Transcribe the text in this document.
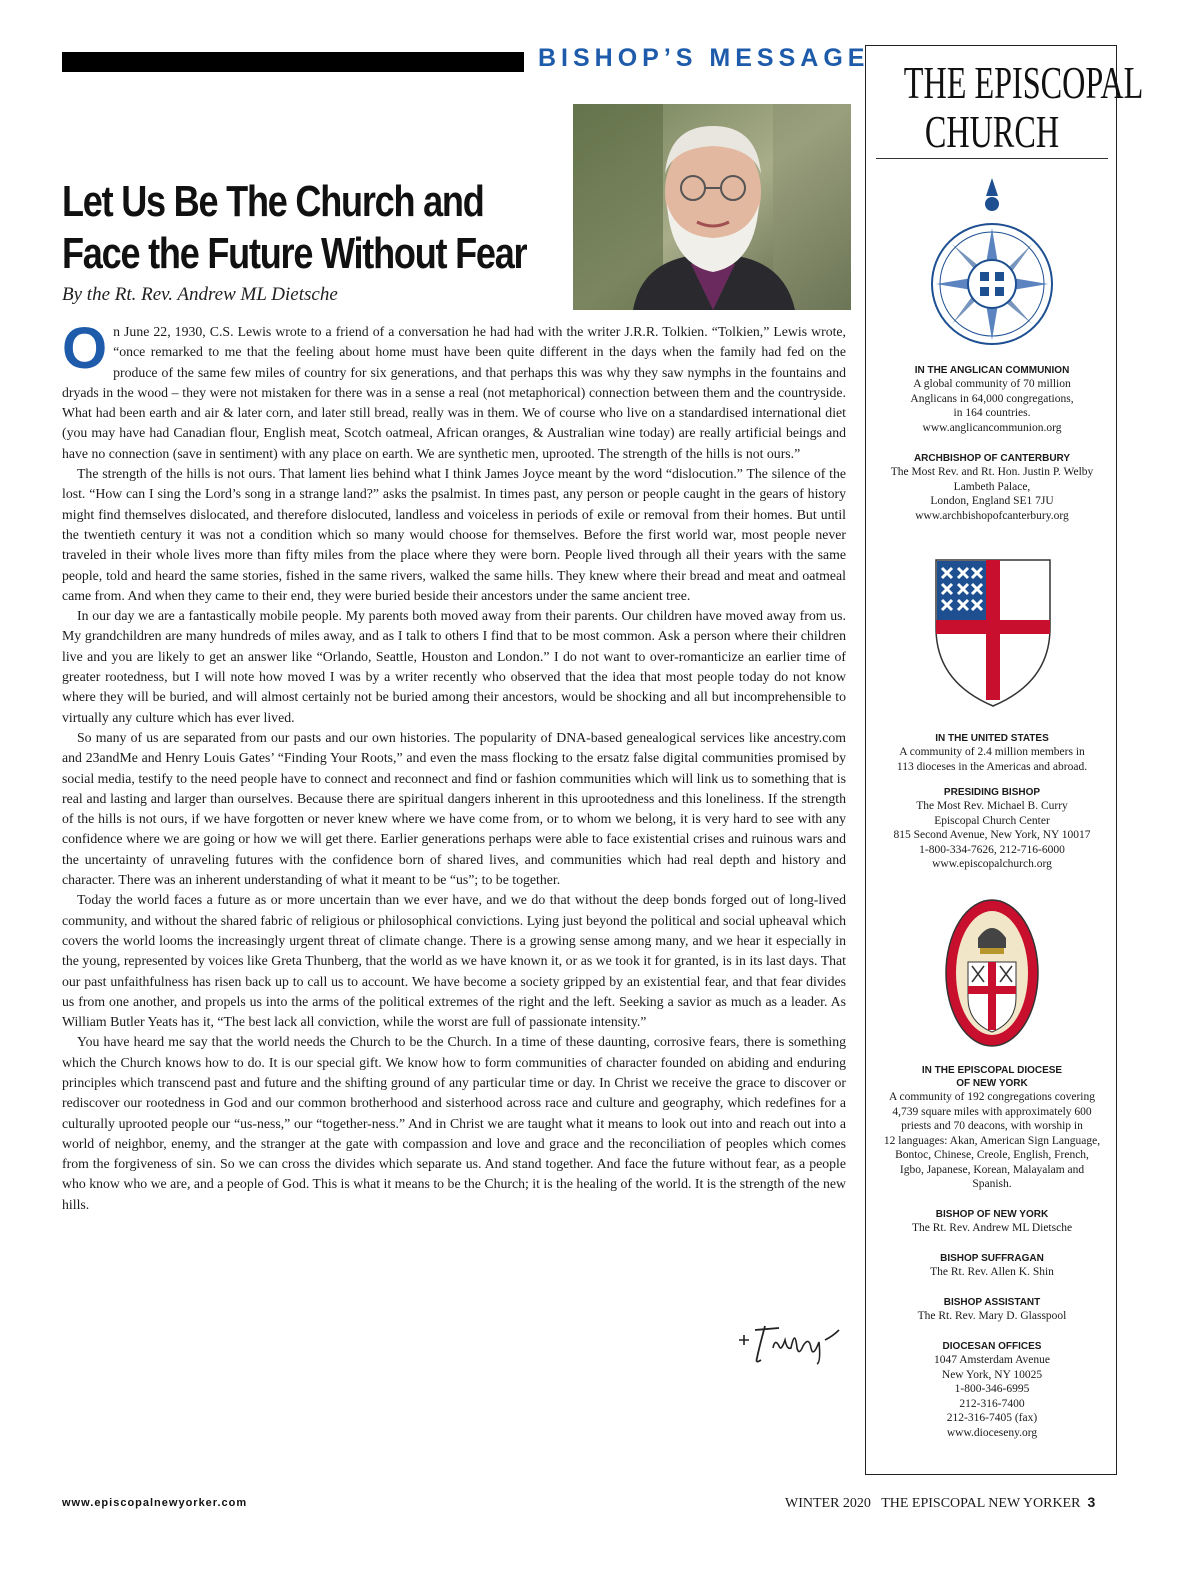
BISHOP’S MESSAGE
Let Us Be The Church and
Face the Future Without Fear
By the Rt. Rev. Andrew ML Dietsche

On June 22, 1930, C.S. Lewis wrote to a friend of a conversation he had had with the writer J.R.R. Tolkien. “Tolkien,” Lewis wrote, “once remarked to me that the feeling about home must have been quite different in the days when the family had fed on the produce of the same few miles of country for six generations, and that perhaps this was why they saw nymphs in the fountains and dryads in the wood – they were not mistaken for there was in a sense a real (not metaphorical) connection between them and the countryside. What had been earth and air & later corn, and later still bread, really was in them. We of course who live on a standardised international diet (you may have had Canadian flour, English meat, Scotch oatmeal, African oranges, & Australian wine today) are really artificial beings and have no connection (save in sentiment) with any place on earth. We are synthetic men, uprooted. The strength of the hills is not ours.”

The strength of the hills is not ours. That lament lies behind what I think James Joyce meant by the word “dislocution.” The silence of the lost. “How can I sing the Lord’s song in a strange land?” asks the psalmist. In times past, any person or people caught in the gears of history might find themselves dislocated, and therefore dislocuted, landless and voiceless in periods of exile or removal from their homes. But until the twentieth century it was not a condition which so many would choose for themselves. Before the first world war, most people never traveled in their whole lives more than fifty miles from the place where they were born. People lived through all their years with the same people, told and heard the same stories, fished in the same rivers, walked the same hills. They knew where their bread and meat and oatmeal came from. And when they came to their end, they were buried beside their ancestors under the same ancient tree.

In our day we are a fantastically mobile people. My parents both moved away from their parents. Our children have moved away from us. My grandchildren are many hundreds of miles away, and as I talk to others I find that to be most common. Ask a person where their children live and you are likely to get an answer like “Orlando, Seattle, Houston and London.” I do not want to over-romanticize an earlier time of greater rootedness, but I will note how moved I was by a writer recently who observed that the idea that most people today do not know where they will be buried, and will almost certainly not be buried among their ancestors, would be shocking and all but incomprehensible to virtually any culture which has ever lived.

So many of us are separated from our pasts and our own histories. The popularity of DNA-based genealogical services like ancestry.com and 23andMe and Henry Louis Gates’ “Finding Your Roots,” and even the mass flocking to the ersatz false digital communities promised by social media, testify to the need people have to connect and reconnect and find or fashion communities which will link us to something that is real and lasting and larger than ourselves. Because there are spiritual dangers inherent in this uprootedness and this loneliness. If the strength of the hills is not ours, if we have forgotten or never knew where we have come from, or to whom we belong, it is very hard to see with any confidence where we are going or how we will get there. Earlier generations perhaps were able to face existential crises and ruinous wars and the uncertainty of unraveling futures with the confidence born of shared lives, and communities which had real depth and history and character. There was an inherent understanding of what it meant to be “us”; to be together.

Today the world faces a future as or more uncertain than we ever have, and we do that without the deep bonds forged out of long-lived community, and without the shared fabric of religious or philosophical convictions. Lying just beyond the political and social upheaval which covers the world looms the increasingly urgent threat of climate change. There is a growing sense among many, and we hear it especially in the young, represented by voices like Greta Thunberg, that the world as we have known it, or as we took it for granted, is in its last days. That our past unfaithfulness has risen back up to call us to account. We have become a society gripped by an existential fear, and that fear divides us from one another, and propels us into the arms of the political extremes of the right and the left. Seeking a savior as much as a leader. As William Butler Yeats has it, “The best lack all conviction, while the worst are full of passionate intensity.”

You have heard me say that the world needs the Church to be the Church. In a time of these daunting, corrosive fears, there is something which the Church knows how to do. It is our special gift. We know how to form communities of character founded on abiding and enduring principles which transcend past and future and the shifting ground of any particular time or day. In Christ we receive the grace to discover or rediscover our rootedness in God and our common brotherhood and sisterhood across race and culture and geography, which redefines for a culturally uprooted people our “us-ness,” our “together-ness.” And in Christ we are taught what it means to look out into and reach out into a world of neighbor, enemy, and the stranger at the gate with compassion and love and grace and the reconciliation of peoples which comes from the forgiveness of sin. So we can cross the divides which separate us. And stand together. And face the future without fear, as a people who know who we are, and a people of God. This is what it means to be the Church; it is the healing of the world. It is the strength of the new hills.

THE EPISCOPAL
CHURCH
IN THE ANGLICAN COMMUNION
A global community of 70 million
Anglicans in 64,000 congregations,
in 164 countries.
www.anglicancommunion.org
ARCHBISHOP OF CANTERBURY
The Most Rev. and Rt. Hon. Justin P. Welby
Lambeth Palace,
London, England SE1 7JU
www.archbishopofcanterbury.org
IN THE UNITED STATES
A community of 2.4 million members in
113 dioceses in the Americas and abroad.
PRESIDING BISHOP
The Most Rev. Michael B. Curry
Episcopal Church Center
815 Second Avenue, New York, NY 10017
1-800-334-7626, 212-716-6000
www.episcopalchurch.org
IN THE EPISCOPAL DIOCESE
OF NEW YORK
A community of 192 congregations covering
4,739 square miles with approximately 600
priests and 70 deacons, with worship in
12 languages: Akan, American Sign Language,
Bontoc, Chinese, Creole, English, French,
Igbo, Japanese, Korean, Malayalam and
Spanish.
BISHOP OF NEW YORK
The Rt. Rev. Andrew ML Dietsche
BISHOP SUFFRAGAN
The Rt. Rev. Allen K. Shin
BISHOP ASSISTANT
The Rt. Rev. Mary D. Glasspool
DIOCESAN OFFICES
1047 Amsterdam Avenue
New York, NY 10025
1-800-346-6995
212-316-7400
212-316-7405 (fax)
www.dioceseny.org
www.episcopalnewyorker.com	WINTER 2020 THE EPISCOPAL NEW YORKER 3
